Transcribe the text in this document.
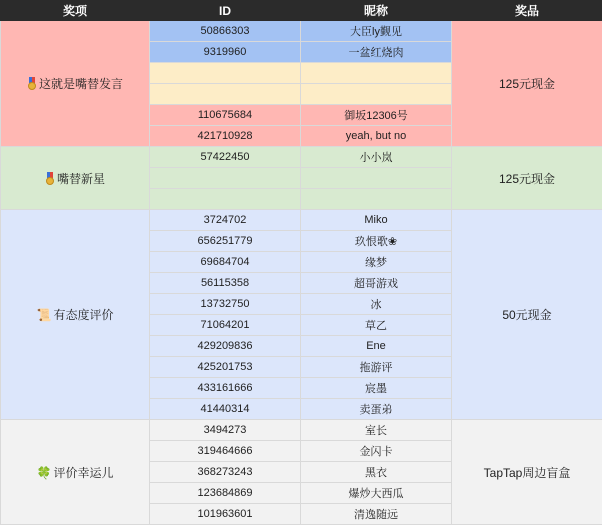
奖项	ID	昵称	奖品

这就是嘴替发言	50866303	大臣ly觐见	125元现金
	9319960	一盆红烧肉	

	110675684	御坂12306号	
	421710928	yeah, but no	

嘴替新星	57422450	小小岚	125元现金

📜 有态度评价	3724702	Miko	50元现金
	656251779	玖恨歌❀	
	69684704	缘梦	
	56115358	超哥游戏	
	13732750	冰	
	71064201	草乙	
	429209836	Ene	
	425201753	拖游评	
	433161666	宸墨	
	41440314	卖蛋弟	
🍀 评价幸运儿	3494273	室长	TapTap周边盲盒
	319464666	金闪卡	
	368273243	黑衣	
	123684869	爆炒大西瓜	
	101963601	清逸随远	
